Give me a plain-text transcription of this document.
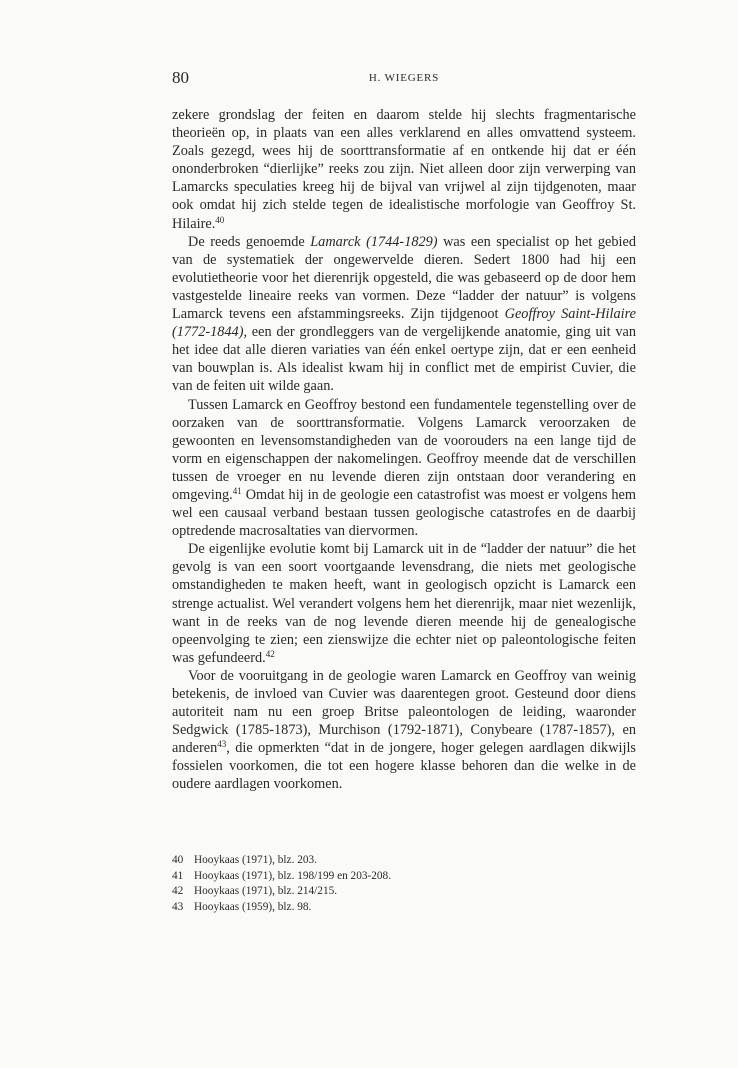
80	H. WIEGERS

zekere grondslag der feiten en daarom stelde hij slechts fragmentarische theorieën op, in plaats van een alles verklarend en alles omvattend systeem. Zoals gezegd, wees hij de soorttransformatie af en ontkende hij dat er één ononderbroken “dierlijke” reeks zou zijn. Niet alleen door zijn verwerping van Lamarcks speculaties kreeg hij de bijval van vrijwel al zijn tijdgenoten, maar ook omdat hij zich stelde tegen de idealistische morfologie van Geoffroy St. Hilaire.$^{40}$

De reeds genoemde Lamarck (1744-1829) was een specialist op het gebied van de systematiek der ongewervelde dieren. Sedert 1800 had hij een evolutietheorie voor het dierenrijk opgesteld, die was gebaseerd op de door hem vastgestelde lineaire reeks van vormen. Deze “ladder der natuur” is volgens Lamarck tevens een afstammingsreeks. Zijn tijdgenoot Geoffroy Saint-Hilaire (1772-1844), een der grondleggers van de vergelijkende anatomie, ging uit van het idee dat alle dieren variaties van één enkel oertype zijn, dat er een eenheid van bouwplan is. Als idealist kwam hij in conflict met de empirist Cuvier, die van de feiten uit wilde gaan.

Tussen Lamarck en Geoffroy bestond een fundamentele tegenstelling over de oorzaken van de soorttransformatie. Volgens Lamarck veroorzaken de gewoonten en levensomstandigheden van de voorouders na een lange tijd de vorm en eigenschappen der nakomelingen. Geoffroy meende dat de verschillen tussen de vroeger en nu levende dieren zijn ontstaan door verandering en omgeving.$^{41}$ Omdat hij in de geologie een catastrofist was moest er volgens hem wel een causaal verband bestaan tussen geologische catastrofes en de daarbij optredende macrosaltaties van diervormen.

De eigenlijke evolutie komt bij Lamarck uit in de “ladder der natuur” die het gevolg is van een soort voortgaande levensdrang, die niets met geologische omstandigheden te maken heeft, want in geologisch opzicht is Lamarck een strenge actualist. Wel verandert volgens hem het dierenrijk, maar niet wezenlijk, want in de reeks van de nog levende dieren meende hij de genealogische opeenvolging te zien; een zienswijze die echter niet op paleontologische feiten was gefundeerd.$^{42}$

Voor de vooruitgang in de geologie waren Lamarck en Geoffroy van weinig betekenis, de invloed van Cuvier was daarentegen groot. Gesteund door diens autoriteit nam nu een groep Britse paleontologen de leiding, waaronder Sedgwick (1785-1873), Murchison (1792-1871), Conybeare (1787-1857), en anderen$^{43}$, die opmerkten “dat in de jongere, hoger gelegen aardlagen dikwijls fossielen voorkomen, die tot een hogere klasse behoren dan die welke in de oudere aardlagen voorkomen.

40 Hooykaas (1971), blz. 203.
41 Hooykaas (1971), blz. 198/199 en 203-208.
42 Hooykaas (1971), blz. 214/215.
43 Hooykaas (1959), blz. 98.
